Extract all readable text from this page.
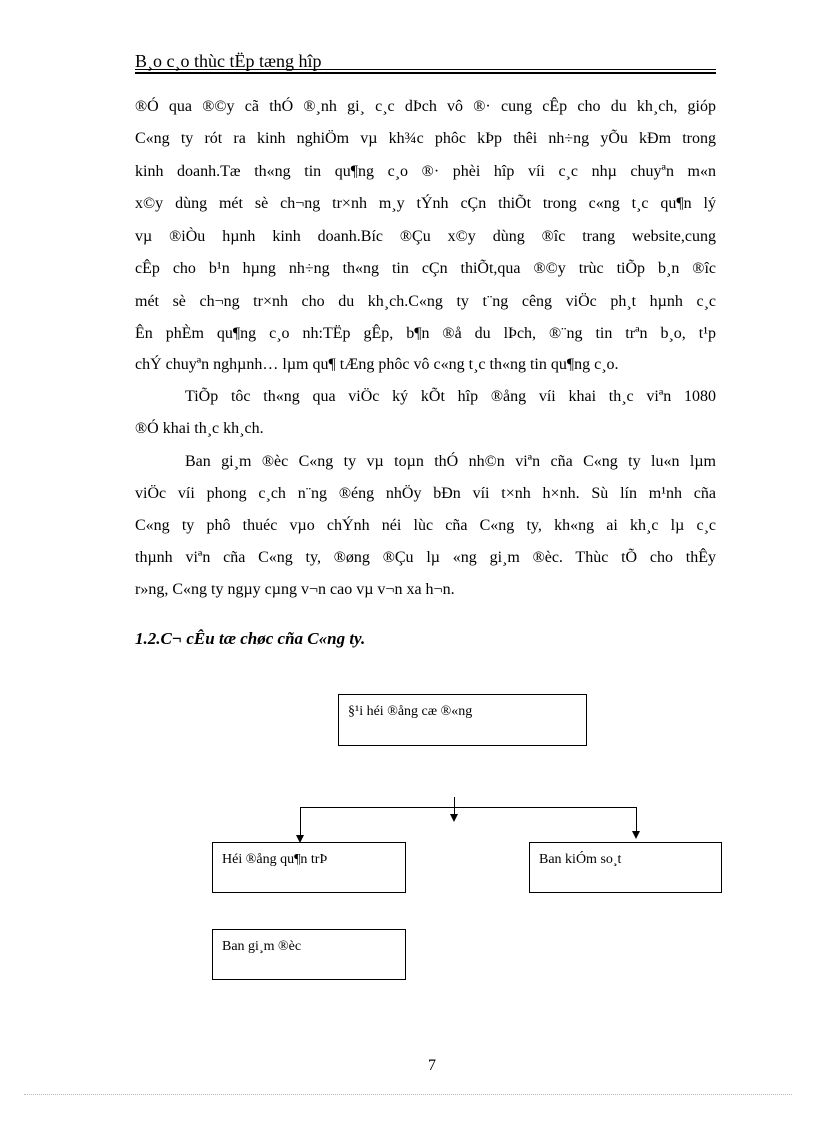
B¸o c¸o thùc tËp tæng hîp
®Ó qua ®©y cã thÓ ®¸nh gi¸ c¸c dÞch vô ®· cung cÊp cho du kh¸ch, gióp
C«ng ty rót ra kinh nghiÖm vµ kh¾c phôc kÞp thêi nh÷ng yÕu kÐm trong
kinh doanh.Tæ th«ng tin qu¶ng c¸o ®· phèi hîp víi c¸c nhµ chuyªn m«n
x©y dùng mét sè ch¬ng tr×nh m¸y tÝnh cÇn thiÕt trong c«ng t¸c qu¶n lý
vµ ®iÒu hµnh kinh doanh.Bíc ®Çu x©y dùng ®îc trang website,cung
cÊp cho b¹n hµng nh÷ng th«ng tin cÇn thiÕt,qua ®©y trùc tiÕp b¸n ®îc
mét sè ch¬ng tr×nh cho du kh¸ch.C«ng ty t¨ng cêng viÖc ph¸t hµnh c¸c
Ên phÈm qu¶ng c¸o nh:TËp gÊp, b¶n ®å du lÞch, ®¨ng tin trªn b¸o, t¹p
chÝ chuyªn nghµnh… lµm qu¶ tÆng phôc vô c«ng t¸c th«ng tin qu¶ng c¸o.
TiÕp tôc th«ng qua viÖc ký kÕt hîp ®ång víi khai th¸c viªn 1080
®Ó khai th¸c kh¸ch.
Ban gi¸m ®èc C«ng ty vµ toµn thÓ nh©n viªn cña C«ng ty lu«n lµm
viÖc víi phong c¸ch n¨ng ®éng nhÖy bÐn víi t×nh h×nh. Sù lín m¹nh cña
C«ng ty phô thuéc vµo chÝnh néi lùc cña C«ng ty, kh«ng ai kh¸c lµ c¸c
thµnh viªn cña C«ng ty, ®øng ®Çu lµ «ng gi¸m ®èc. Thùc tÕ cho thÊy
r»ng, C«ng ty ngµy cµng v¬n cao vµ v¬n xa h¬n.
1.2.C¬ cÊu tæ chøc cña C«ng ty.
§¹i héi ®ång cæ ®«ng
Héi ®ång qu¶n trÞ	Ban kiÓm so¸t
Ban gi¸m ®èc
7
